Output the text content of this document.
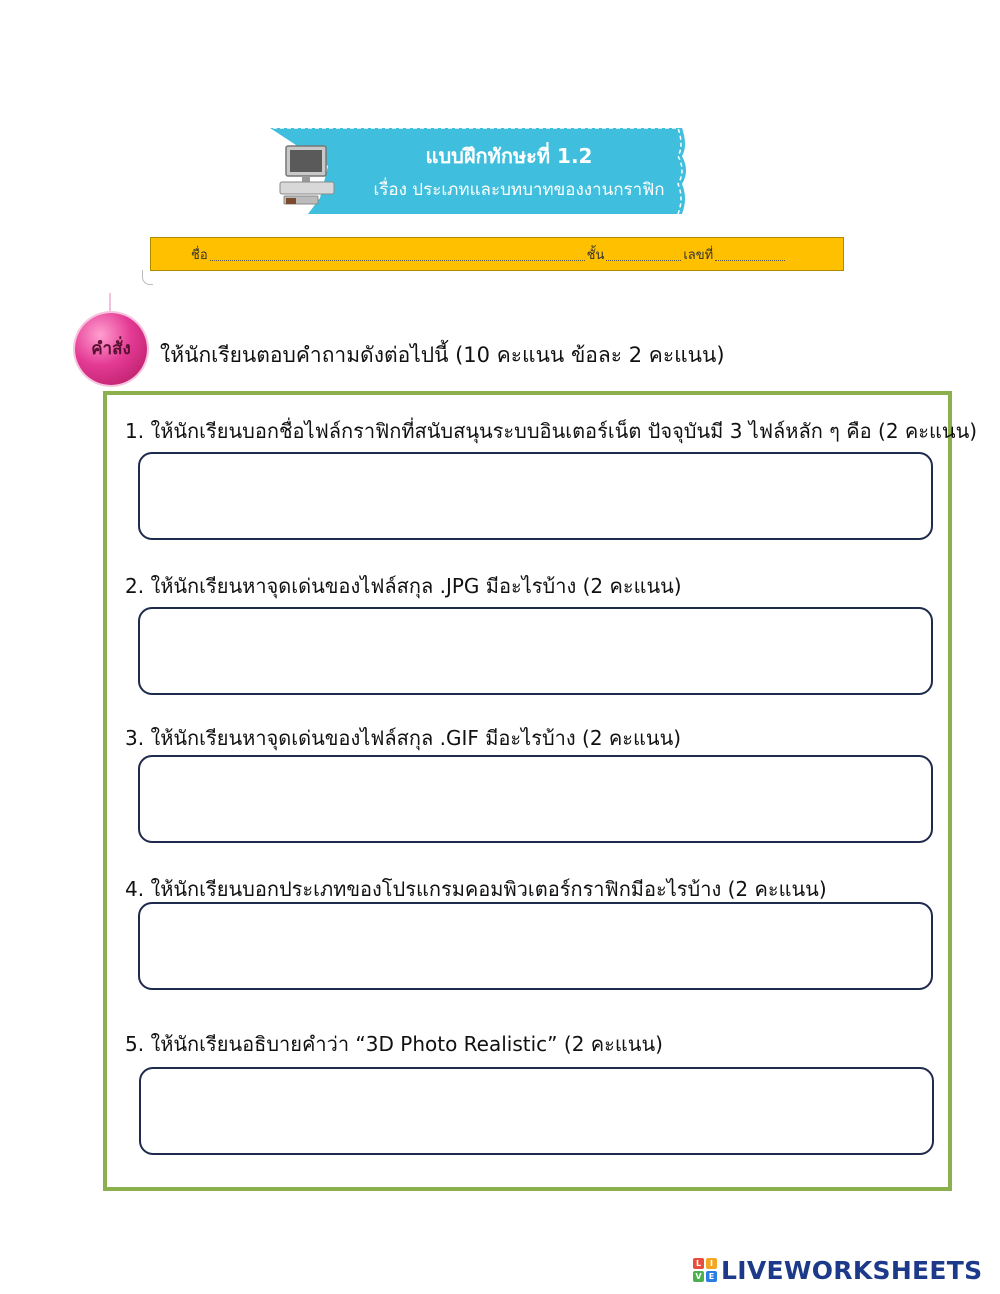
แบบฝึกทักษะที่ 1.2
เรื่อง ประเภทและบทบาทของงานกราฟิก
ชื่อ	ชั้น	เลขที่
คำสั่ง	ให้นักเรียนตอบคำถามดังต่อไปนี้ (10 คะแนน ข้อละ 2 คะแนน)
1. ให้นักเรียนบอกชื่อไฟล์กราฟิกที่สนับสนุนระบบอินเตอร์เน็ต ปัจจุบันมี 3 ไฟล์หลัก ๆ คือ (2 คะแนน)
2. ให้นักเรียนหาจุดเด่นของไฟล์สกุล .JPG มีอะไรบ้าง (2 คะแนน)
3. ให้นักเรียนหาจุดเด่นของไฟล์สกุล .GIF มีอะไรบ้าง (2 คะแนน)
4. ให้นักเรียนบอกประเภทของโปรแกรมคอมพิวเตอร์กราฟิกมีอะไรบ้าง (2 คะแนน)
5. ให้นักเรียนอธิบายคำว่า “3D Photo Realistic” (2 คะแนน)
L	I
V E LIVEWORKSHEETS
